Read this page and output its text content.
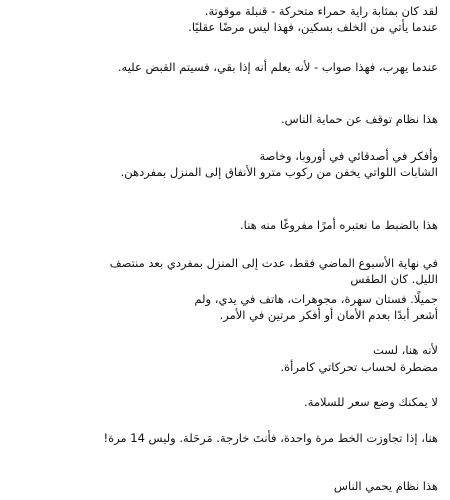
لقد كان بمثابة راية حمراء متحركة - قنبلة موقوتة.
عندما يأتي من الخلف بسكين، فهذا ليس مرضًا عقليًا.
عندما يهرب، فهذا صواب - لأنه يعلم أنه إذا بقي، فسيتم القبض عليه.
هذا نظام توقف عن حماية الناس.
وأفكر في أصدقائي في أوروبا، وخاصة
الشابات اللواتي يخفن من ركوب مترو الأنفاق إلى المنزل بمفردهن.
هذا بالضبط ما نعتبره أمرًا مفروغًا منه هنا.
في نهاية الأسبوع الماضي فقط، عدت إلى المنزل بمفردي بعد منتصف
الليل. كان الطقس
جميلًا. فستان سهرة، مجوهرات، هاتف في يدي، ولم
أشعر أبدًا بعدم الأمان أو أفكر مرتين في الأمر.
لأنه هنا، لست
مضطرة لحساب تحركاتي كامرأة.
لا يمكنك وضع سعر للسلامة.
هنا، إذا تجاوزت الخط مرة واحدة، فأنتَ خارجة. مَرحَلة. وليس 14 مرة!
هذا نظام يحمي الناس
